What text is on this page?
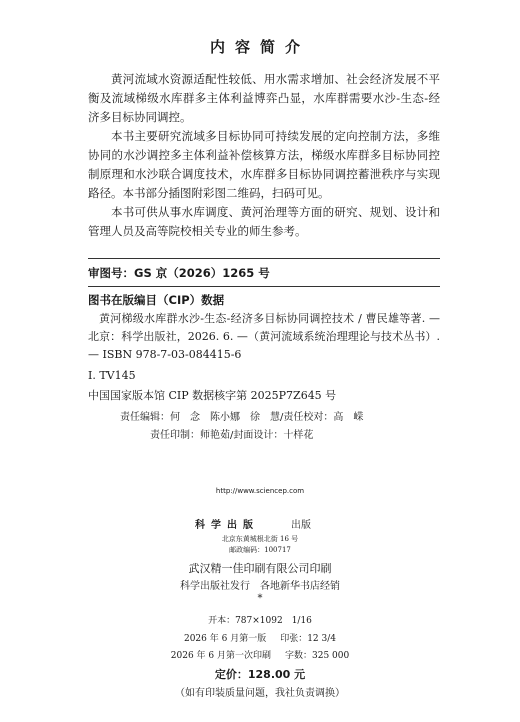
内容简介

黄河流域水资源适配性较低、用水需求增加、社会经济发展不平衡及流域梯级水库群多主体利益博弈凸显，水库群需要水沙-生态-经济多目标协同调控。

本书主要研究流域多目标协同可持续发展的定向控制方法，多维协同的水沙调控多主体利益补偿核算方法，梯级水库群多目标协同控制原理和水沙联合调度技术，水库群多目标协同调控蓄泄秩序与实现路径。本书部分插图附彩图二维码，扫码可见。

本书可供从事水库调度、黄河治理等方面的研究、规划、设计和管理人员及高等院校相关专业的师生参考。

审图号：GS 京（2026）1265 号
图书在版编目（CIP）数据

黄河梯级水库群水沙-生态-经济多目标协同调控技术 / 曹民雄等著. — 北京：科学出版社，2026. 6. —（黄河流域系统治理理论与技术丛书）. — ISBN 978-7-03-084415-6

I. TV145

中国国家版本馆 CIP 数据核字第 2025P7Z645 号

责任编辑：何　念　陈小娜　徐　慧/责任校对：高　嵘
责任印制：师艳茹/封面设计：十样花
http://www.sciencep.com
科学出版	出版
北京东黄城根北街 16 号
邮政编码：100717
武汉精一佳印刷有限公司印刷
科学出版社发行　各地新华书店经销
*
开本：787×1092　1/16
2026 年 6 月第一版 印张：12 3/4
2026 年 6 月第一次印刷 字数：325 000
定价：128.00 元
（如有印装质量问题，我社负责调换）
